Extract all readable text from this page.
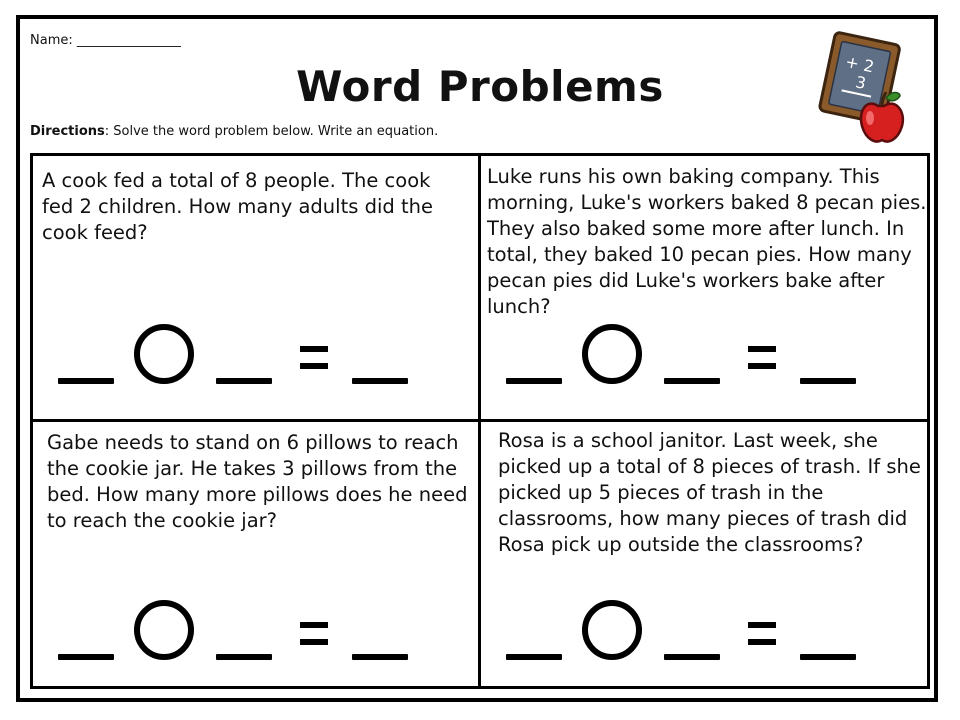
Name: ________________
Word Problems
Directions: Solve the word problem below. Write an equation.
+ 2
3
A cook fed a total of 8 people. The cook fed 2 children. How many adults did the cook feed?
Luke runs his own baking company. This morning, Luke's workers baked 8 pecan pies. They also baked some more after lunch. In total, they baked 10 pecan pies. How many pecan pies did Luke's workers bake after lunch?
Gabe needs to stand on 6 pillows to reach the cookie jar. He takes 3 pillows from the bed. How many more pillows does he need to reach the cookie jar?
Rosa is a school janitor. Last week, she picked up a total of 8 pieces of trash. If she picked up 5 pieces of trash in the classrooms, how many pieces of trash did Rosa pick up outside the classrooms?
